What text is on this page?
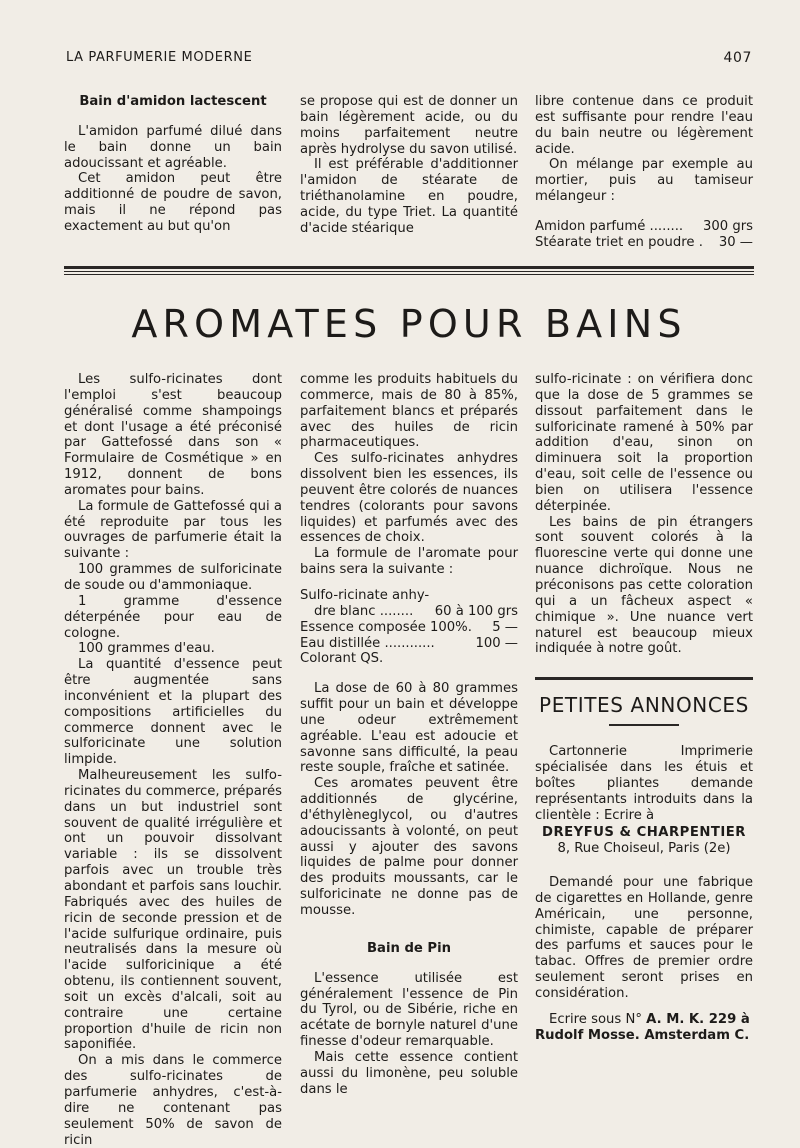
LA PARFUMERIE MODERNE	407
Bain d'amidon lactescent

L'amidon parfumé dilué dans le bain donne un bain adoucissant et agréable.

Cet amidon peut être additionné de poudre de savon, mais il ne répond pas exactement au but qu'on

se propose qui est de donner un bain légèrement acide, ou du moins parfaitement neutre après hydrolyse du savon utilisé.

Il est préférable d'additionner l'amidon de stéarate de triéthanolamine en poudre, acide, du type Triet. La quantité d'acide stéarique

libre contenue dans ce produit est suffisante pour rendre l'eau du bain neutre ou légèrement acide.

On mélange par exemple au mortier, puis au tamiseur mélangeur :

Amidon parfumé ........ 300 grs
Stéarate triet en poudre . 30 —
AROMATES POUR BAINS

Les sulfo-ricinates dont l'emploi s'est beaucoup généralisé comme shampoings et dont l'usage a été préconisé par Gattefossé dans son « Formulaire de Cosmétique » en 1912, donnent de bons aromates pour bains.

La formule de Gattefossé qui a été reproduite par tous les ouvrages de parfumerie était la suivante :

100 grammes de sulforicinate de soude ou d'ammoniaque.

1 gramme d'essence déterpénée pour eau de cologne.

100 grammes d'eau.

La quantité d'essence peut être augmentée sans inconvénient et la plupart des compositions artificielles du commerce donnent avec le sulforicinate une solution limpide.

Malheureusement les sulfo-ricinates du commerce, préparés dans un but industriel sont souvent de qualité irrégulière et ont un pouvoir dissolvant variable : ils se dissolvent parfois avec un trouble très abondant et parfois sans louchir. Fabriqués avec des huiles de ricin de seconde pression et de l'acide sulfurique ordinaire, puis neutralisés dans la mesure où l'acide sulforicinique a été obtenu, ils contiennent souvent, soit un excès d'alcali, soit au contraire une certaine proportion d'huile de ricin non saponifiée.

On a mis dans le commerce des sulfo-ricinates de parfumerie anhydres, c'est-à-dire ne contenant pas seulement 50% de savon de ricin

comme les produits habituels du commerce, mais de 80 à 85%, parfaitement blancs et préparés avec des huiles de ricin pharmaceutiques.

Ces sulfo-ricinates anhydres dissolvent bien les essences, ils peuvent être colorés de nuances tendres (colorants pour savons liquides) et parfumés avec des essences de choix.

La formule de l'aromate pour bains sera la suivante :

Sulfo-ricinate anhy-
dre blanc ........ 60 à 100 grs
Essence composée 100%. 5 —
Eau distillée ............	100 —
Colorant QS.

La dose de 60 à 80 grammes suffit pour un bain et développe une odeur extrêmement agréable. L'eau est adoucie et savonne sans difficulté, la peau reste souple, fraîche et satinée.

Ces aromates peuvent être additionnés de glycérine, d'éthylèneglycol, ou d'autres adoucissants à volonté, on peut aussi y ajouter des savons liquides de palme pour donner des produits moussants, car le sulforicinate ne donne pas de mousse.

Bain de Pin

L'essence utilisée est généralement l'essence de Pin du Tyrol, ou de Sibérie, riche en acétate de bornyle naturel d'une finesse d'odeur remarquable.

Mais cette essence contient aussi du limonène, peu soluble dans le

sulfo-ricinate : on vérifiera donc que la dose de 5 grammes se dissout parfaitement dans le sulforicinate ramené à 50% par addition d'eau, sinon on diminuera soit la proportion d'eau, soit celle de l'essence ou bien on utilisera l'essence déterpinée.

Les bains de pin étrangers sont souvent colorés à la fluorescine verte qui donne une nuance dichroïque. Nous ne préconisons pas cette coloration qui a un fâcheux aspect « chimique ». Une nuance vert naturel est beaucoup mieux indiquée à notre goût.

PETITES ANNONCES

Cartonnerie Imprimerie spécialisée dans les étuis et boîtes pliantes demande représentants introduits dans la clientèle : Ecrire à

DREYFUS & CHARPENTIER
8, Rue Choiseul, Paris (2e)

Demandé pour une fabrique de cigarettes en Hollande, genre Américain, une personne, chimiste, capable de préparer des parfums et sauces pour le tabac. Offres de premier ordre seulement seront prises en considération.

Ecrire sous N° A. M. K. 229 à

Rudolf Mosse. Amsterdam C.
